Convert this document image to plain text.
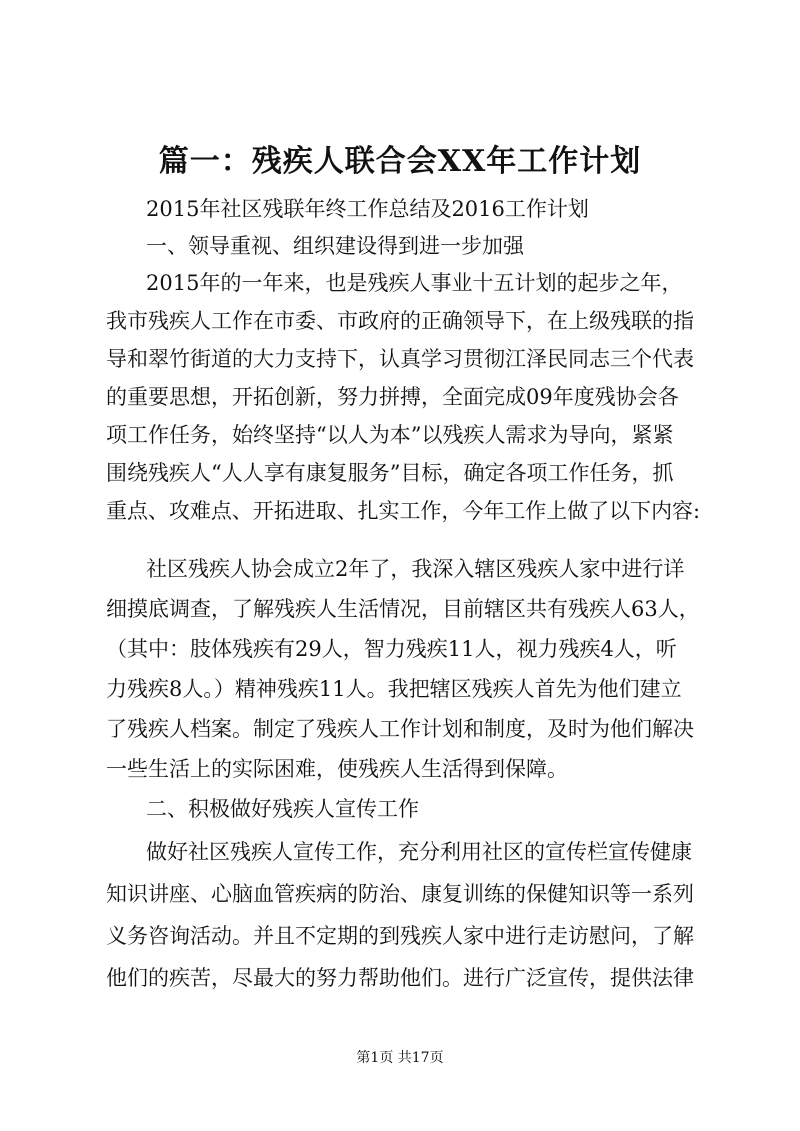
篇一：残疾人联合会XX年工作计划

2015年社区残联年终工作总结及2016工作计划

一、领导重视、组织建设得到进一步加强

2015年的一年来，也是残疾人事业十五计划的起步之年，

我市残疾人工作在市委、市政府的正确领导下，在上级残联的指

导和翠竹街道的大力支持下，认真学习贯彻江泽民同志三个代表

的重要思想，开拓创新，努力拼搏，全面完成09年度残协会各

项工作任务，始终坚持“以人为本”以残疾人需求为导向，紧紧

围绕残疾人“人人享有康复服务”目标，确定各项工作任务，抓

重点、攻难点、开拓进取、扎实工作，今年工作上做了以下内容:

社区残疾人协会成立2年了，我深入辖区残疾人家中进行详

细摸底调查，了解残疾人生活情况，目前辖区共有残疾人63人，

（其中：肢体残疾有29人，智力残疾11人，视力残疾4人，听

力残疾8人。）精神残疾11人。我把辖区残疾人首先为他们建立

了残疾人档案。制定了残疾人工作计划和制度，及时为他们解决

一些生活上的实际困难，使残疾人生活得到保障。

二、积极做好残疾人宣传工作

做好社区残疾人宣传工作，充分利用社区的宣传栏宣传健康

知识讲座、心脑血管疾病的防治、康复训练的保健知识等一系列

义务咨询活动。并且不定期的到残疾人家中进行走访慰问，了解

他们的疾苦，尽最大的努力帮助他们。进行广泛宣传，提供法律

第1页 共17页
